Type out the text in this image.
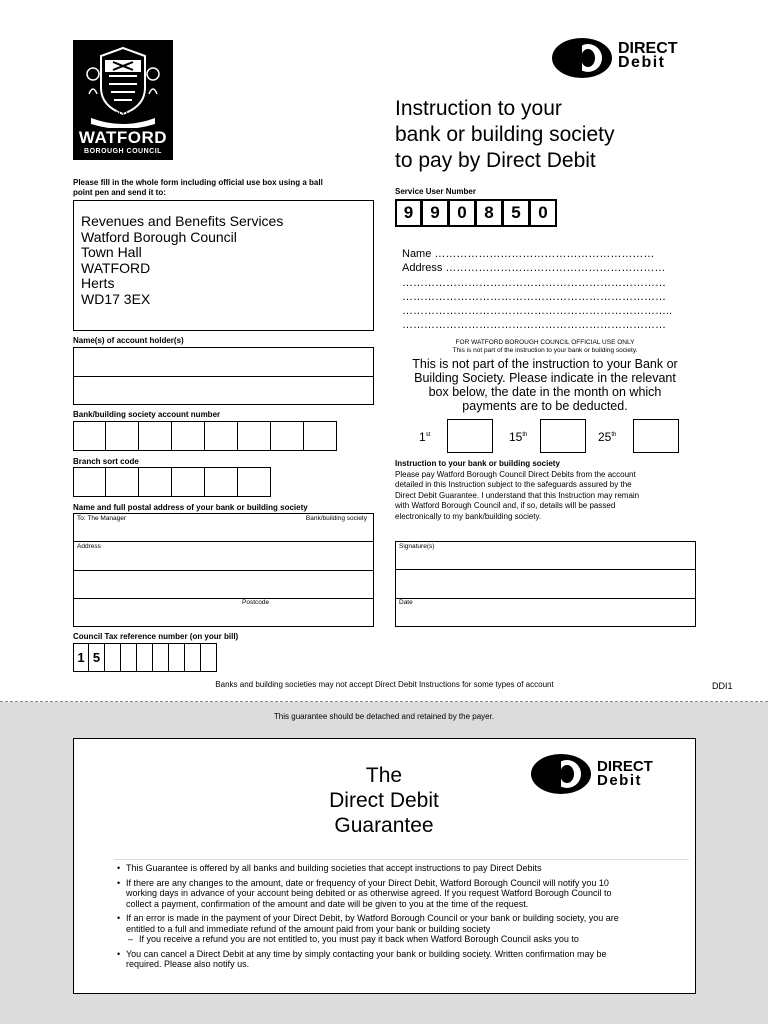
AUDENTIOR
WATFORD
BOROUGH COUNCIL
DIRECT
Debit
Instruction to your
bank or building society
to pay by Direct Debit
Please fill in the whole form including official use box using a ball
point pen and send it to:
Revenues and Benefits Services
Watford Borough Council
Town Hall
WATFORD
Herts
WD17 3EX
Service User Number
9	9	0	8	5	0
Name ……………………………………………………
Address ……………………………………………………
………………………………………………………………
………………………………………………………………
………………………………………………………………..
………………………………………………………………
Name(s) of account holder(s)
Bank/building society account number
Branch sort code
Name and full postal address of your bank or building society
To: The Manager	Bank/building society
Address
Postcode
Council Tax reference number (on your bill)
1 5
FOR WATFORD BOROUGH COUNCIL OFFICIAL USE ONLY
This is not part of the instruction to your bank or building society.
This is not part of the instruction to your Bank or
Building Society. Please indicate in the relevant
box below, the date in the month on which
payments are to be deducted.
1st	15th	25th
Instruction to your bank or building society
Please pay Watford Borough Council Direct Debits from the account
detailed in this Instruction subject to the safeguards assured by the
Direct Debit Guarantee. I understand that this Instruction may remain
with Watford Borough Council and, if so, details will be passed
electronically to my bank/building society.
Signature(s)
Date
Banks and building societies may not accept Direct Debit Instructions for some types of account	DDI1
This guarantee should be detached and retained by the payer.
The
Direct Debit
Guarantee
DIRECT
Debit
• This Guarantee is offered by all banks and building societies that accept instructions to pay Direct Debits
• If there are any changes to the amount, date or frequency of your Direct Debit, Watford Borough Council will notify you 10
working days in advance of your account being debited or as otherwise agreed. If you request Watford Borough Council to
collect a payment, confirmation of the amount and date will be given to you at the time of the request.
• If an error is made in the payment of your Direct Debit, by Watford Borough Council or your bank or building society, you are
entitled to a full and immediate refund of the amount paid from your bank or building society
– If you receive a refund you are not entitled to, you must pay it back when Watford Borough Council asks you to
• You can cancel a Direct Debit at any time by simply contacting your bank or building society. Written confirmation may be
required. Please also notify us.
